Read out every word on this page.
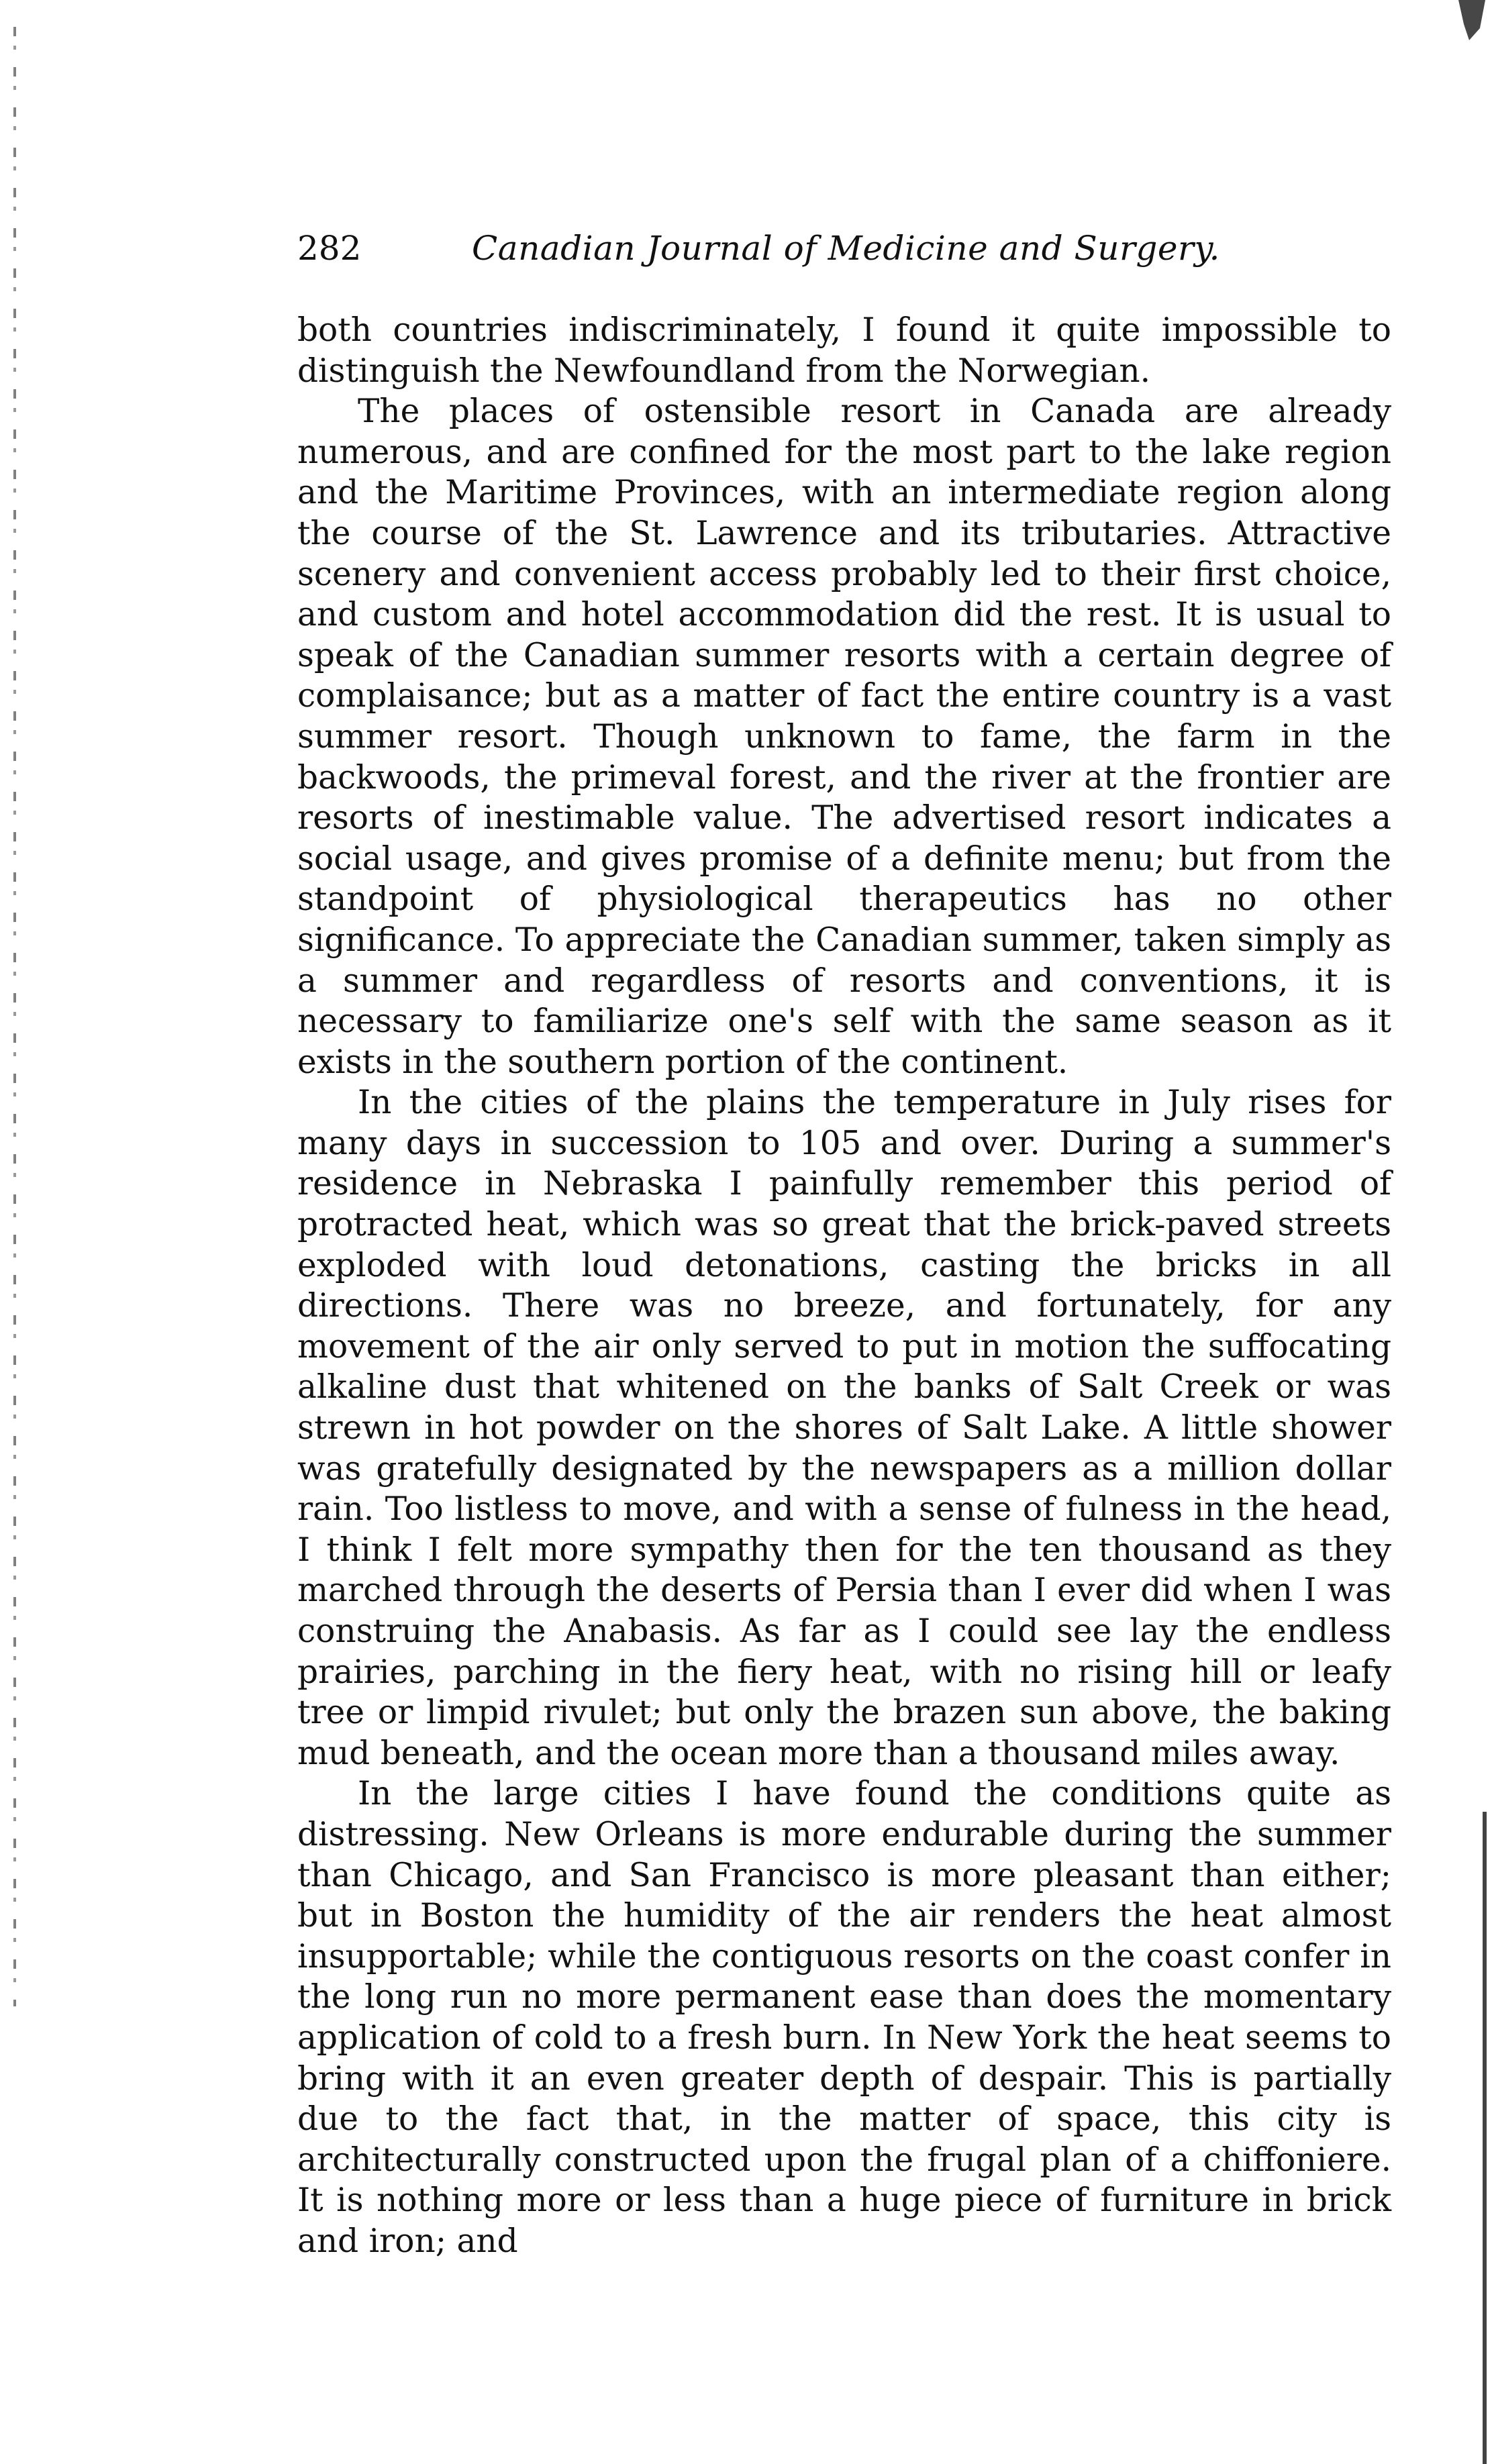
282	Canadian Journal of Medicine and Surgery.

both countries indiscriminately, I found it quite impossible to distinguish the Newfoundland from the Norwegian.

The places of ostensible resort in Canada are already numerous, and are confined for the most part to the lake region and the Maritime Provinces, with an intermediate region along the course of the St. Lawrence and its tributaries. Attractive scenery and convenient access probably led to their first choice, and custom and hotel accommodation did the rest. It is usual to speak of the Canadian summer resorts with a certain degree of complaisance; but as a matter of fact the entire country is a vast summer resort. Though unknown to fame, the farm in the backwoods, the primeval forest, and the river at the frontier are resorts of inestimable value. The advertised resort indicates a social usage, and gives promise of a definite menu; but from the standpoint of physiological therapeutics has no other significance. To appreciate the Canadian summer, taken simply as a summer and regardless of resorts and conventions, it is necessary to familiarize one's self with the same season as it exists in the southern portion of the continent.

In the cities of the plains the temperature in July rises for many days in succession to 105 and over. During a summer's residence in Nebraska I painfully remember this period of protracted heat, which was so great that the brick-paved streets exploded with loud detonations, casting the bricks in all directions. There was no breeze, and fortunately, for any movement of the air only served to put in motion the suffocating alkaline dust that whitened on the banks of Salt Creek or was strewn in hot powder on the shores of Salt Lake. A little shower was gratefully designated by the newspapers as a million dollar rain. Too listless to move, and with a sense of fulness in the head, I think I felt more sympathy then for the ten thousand as they marched through the deserts of Persia than I ever did when I was construing the Anabasis. As far as I could see lay the endless prairies, parching in the fiery heat, with no rising hill or leafy tree or limpid rivulet; but only the brazen sun above, the baking mud beneath, and the ocean more than a thousand miles away.

In the large cities I have found the conditions quite as distressing. New Orleans is more endurable during the summer than Chicago, and San Francisco is more pleasant than either; but in Boston the humidity of the air renders the heat almost insupportable; while the contiguous resorts on the coast confer in the long run no more permanent ease than does the momentary application of cold to a fresh burn. In New York the heat seems to bring with it an even greater depth of despair. This is partially due to the fact that, in the matter of space, this city is architecturally constructed upon the frugal plan of a chiffoniere. It is nothing more or less than a huge piece of furniture in brick and iron; and
